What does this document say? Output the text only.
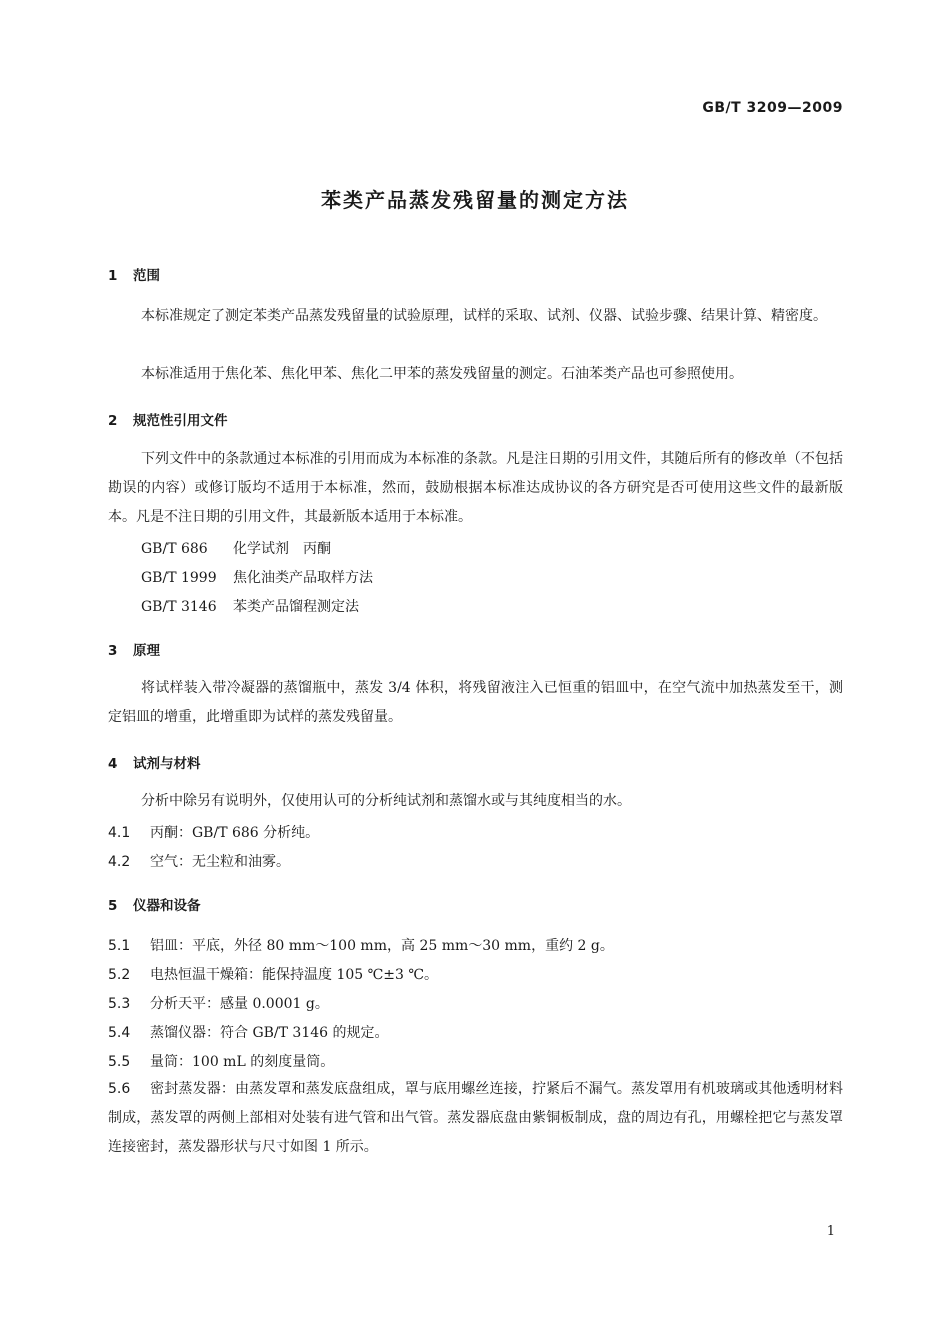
GB/T 3209—2009
苯类产品蒸发残留量的测定方法
1 范围
本标准规定了测定苯类产品蒸发残留量的试验原理，试样的采取、试剂、仪器、试验步骤、结果计算、精密度。
本标准适用于焦化苯、焦化甲苯、焦化二甲苯的蒸发残留量的测定。石油苯类产品也可参照使用。
2 规范性引用文件
下列文件中的条款通过本标准的引用而成为本标准的条款。凡是注日期的引用文件，其随后所有的修改单（不包括勘误的内容）或修订版均不适用于本标准，然而，鼓励根据本标准达成协议的各方研究是否可使用这些文件的最新版本。凡是不注日期的引用文件，其最新版本适用于本标准。
GB/T 686 化学试剂　丙酮
GB/T 1999 焦化油类产品取样方法
GB/T 3146 苯类产品馏程测定法
3 原理
将试样装入带冷凝器的蒸馏瓶中，蒸发 3/4 体积，将残留液注入已恒重的铝皿中，在空气流中加热蒸发至干，测定铝皿的增重，此增重即为试样的蒸发残留量。
4 试剂与材料
分析中除另有说明外，仅使用认可的分析纯试剂和蒸馏水或与其纯度相当的水。
4.1 丙酮：GB/T 686 分析纯。
4.2 空气：无尘粒和油雾。
5 仪器和设备
5.1 铝皿：平底，外径 80 mm～100 mm，高 25 mm～30 mm，重约 2 g。
5.2 电热恒温干燥箱：能保持温度 105 ℃±3 ℃。
5.3 分析天平：感量 0.0001 g。
5.4 蒸馏仪器：符合 GB/T 3146 的规定。
5.5 量筒：100 mL 的刻度量筒。
5.6 密封蒸发器：由蒸发罩和蒸发底盘组成，罩与底用螺丝连接，拧紧后不漏气。蒸发罩用有机玻璃或其他透明材料制成，蒸发罩的两侧上部相对处装有进气管和出气管。蒸发器底盘由紫铜板制成，盘的周边有孔，用螺栓把它与蒸发罩连接密封，蒸发器形状与尺寸如图 1 所示。
1
